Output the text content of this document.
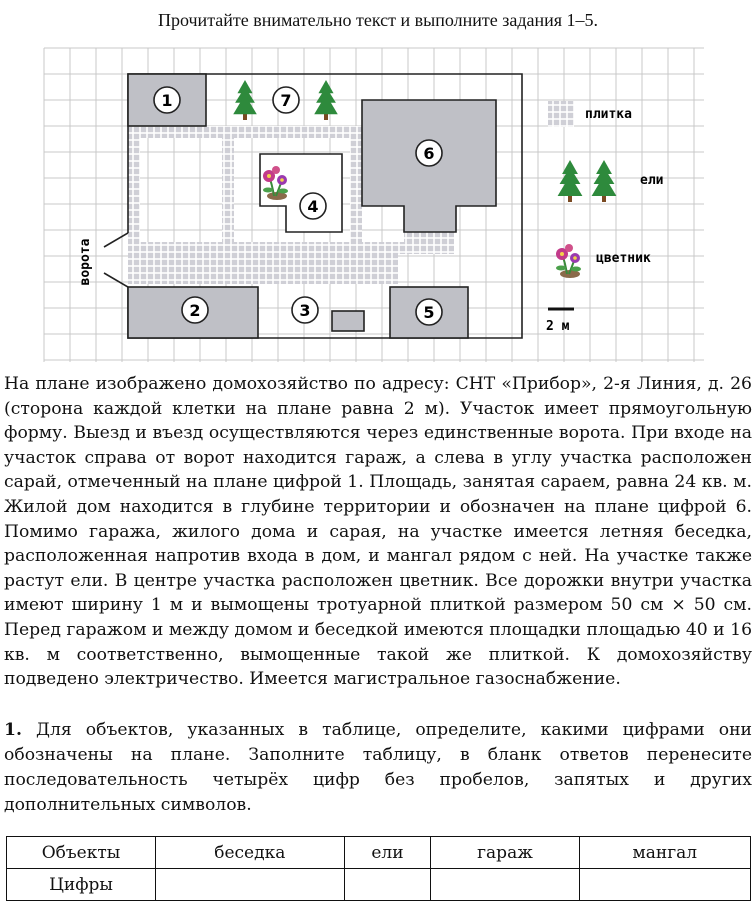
Прочитайте внимательно текст и выполните задания 1–5.
1
2	3
4
5
6
7
ворота
плитка
ели
цветник
2 м

На плане изображено домохозяйство по адресу: СНТ «Прибор», 2-я Линия, д. 26 (сторона каждой клетки на плане равна 2 м). Участок имеет прямоугольную форму. Выезд и въезд осуществляются через единственные ворота. При входе на участок справа от ворот находится гараж, а слева в углу участка расположен сарай, отмеченный на плане цифрой 1. Площадь, занятая сараем, равна 24 кв. м. Жилой дом находится в глубине территории и обозначен на плане цифрой 6. Помимо гаража, жилого дома и сарая, на участке имеется летняя беседка, расположенная напротив входа в дом, и мангал рядом с ней. На участке также растут ели. В центре участка расположен цветник. Все дорожки внутри участка имеют ширину 1 м и вымощены тротуарной плиткой размером 50 см × 50 см. Перед гаражом и между домом и беседкой имеются площадки площадью 40 и 16 кв. м соответственно, вымощенные такой же плиткой. К домохозяйству подведено электричество. Имеется магистральное газоснабжение.

1. Для объектов, указанных в таблице, определите, какими цифрами они обозначены на плане. Заполните таблицу, в бланк ответов перенесите последовательность четырёх цифр без пробелов, запятых и других дополнительных символов.

Объекты	беседка	ели	гараж	мангал
Цифры				
